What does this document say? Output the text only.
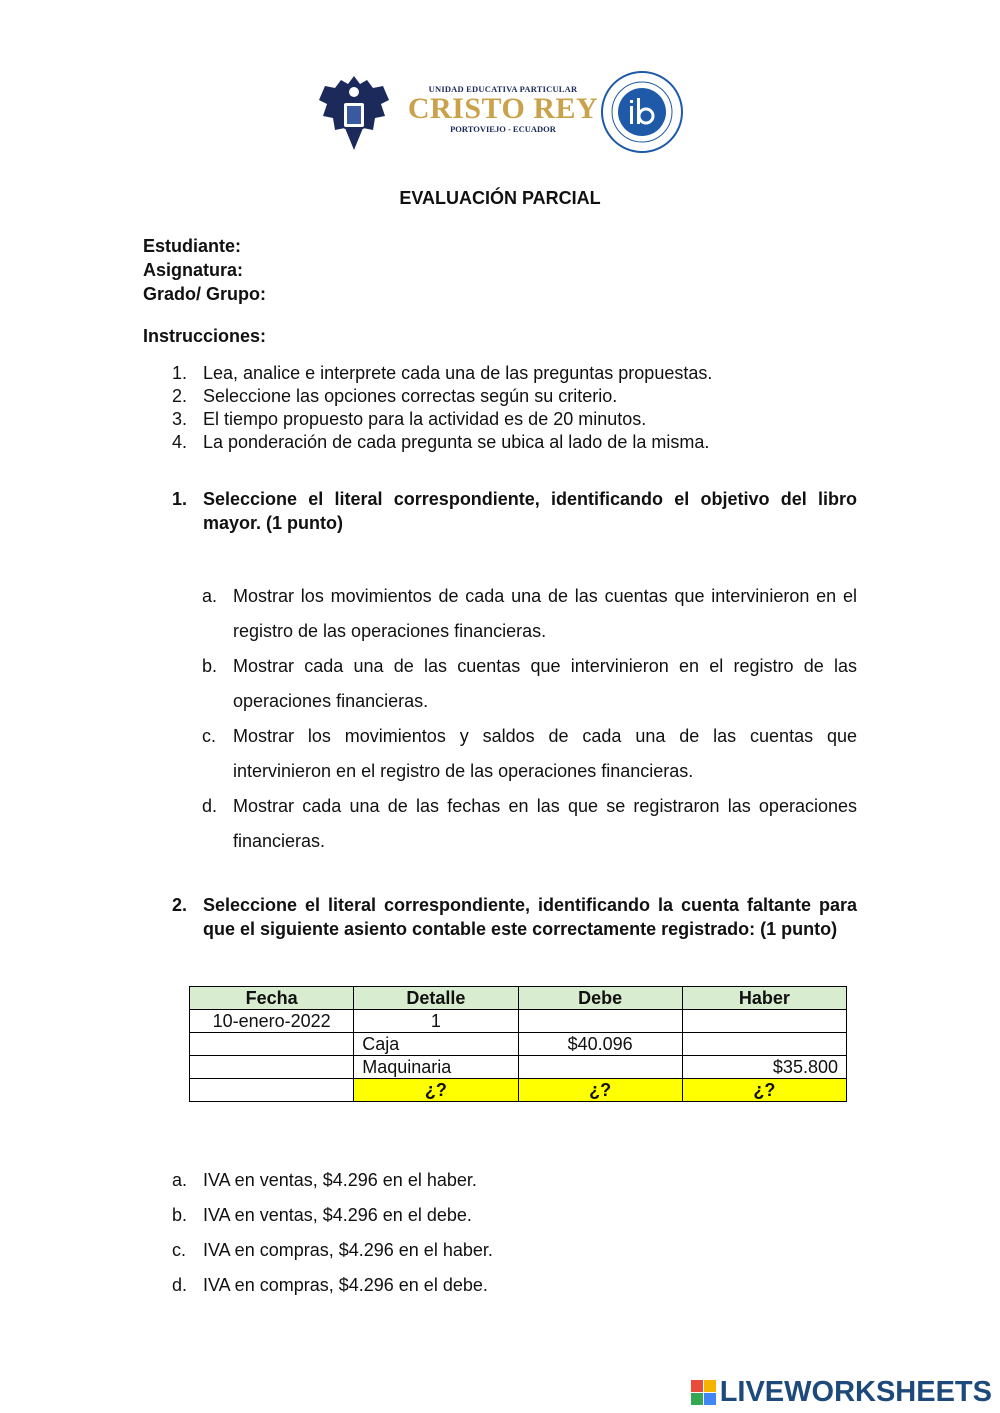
UNIDAD EDUCATIVA PARTICULAR
CRISTO REY
PORTOVIEJO - ECUADOR
EVALUACIÓN PARCIAL
Estudiante:
Asignatura:
Grado/ Grupo:
Instrucciones:
1. Lea, analice e interprete cada una de las preguntas propuestas.
2. Seleccione las opciones correctas según su criterio.
3. El tiempo propuesto para la actividad es de 20 minutos.
4. La ponderación de cada pregunta se ubica al lado de la misma.
1. Seleccione el literal correspondiente, identificando el objetivo del libro mayor. (1 punto)
a. Mostrar los movimientos de cada una de las cuentas que intervinieron en el registro de las operaciones financieras.
b. Mostrar cada una de las cuentas que intervinieron en el registro de las operaciones financieras.
c. Mostrar los movimientos y saldos de cada una de las cuentas que intervinieron en el registro de las operaciones financieras.
d. Mostrar cada una de las fechas en las que se registraron las operaciones financieras.
2. Seleccione el literal correspondiente, identificando la cuenta faltante para que el siguiente asiento contable este correctamente registrado: (1 punto)
Fecha	Detalle	Debe	Haber
10-enero-2022	1		
	Caja	$40.096	
	Maquinaria		$35.800
	¿?	¿?	¿?
a. IVA en ventas, $4.296 en el haber.
b. IVA en ventas, $4.296 en el debe.
c. IVA en compras, $4.296 en el haber.
d. IVA en compras, $4.296 en el debe.
LIVEWORKSHEETS
